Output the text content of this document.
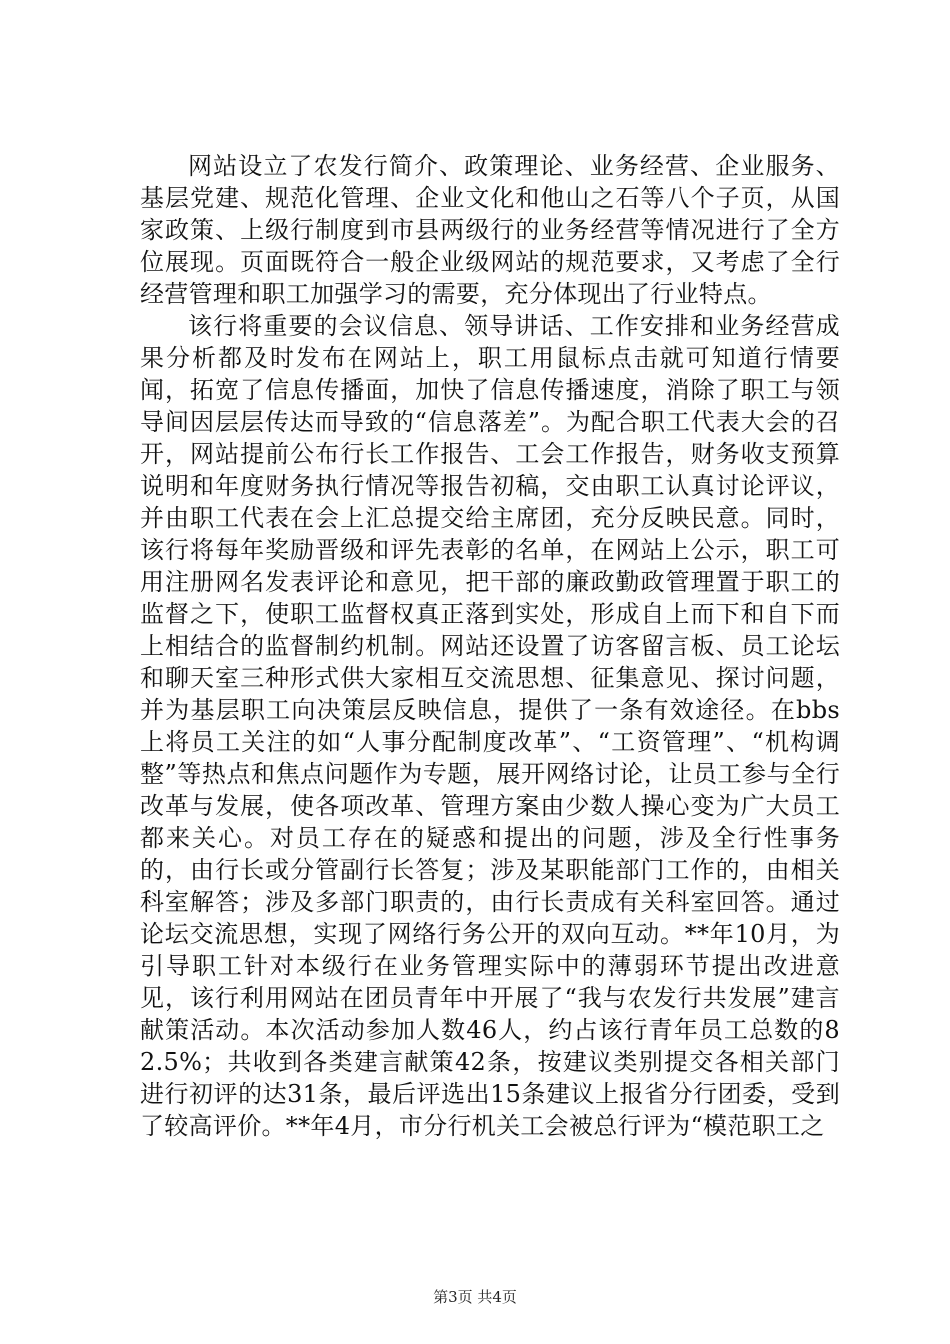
网站设立了农发行简介、政策理论、业务经营、企业服务、基层党建、规范化管理、企业文化和他山之石等八个子页，从国家政策、上级行制度到市县两级行的业务经营等情况进行了全方位展现。页面既符合一般企业级网站的规范要求，又考虑了全行经营管理和职工加强学习的需要，充分体现出了行业特点。

该行将重要的会议信息、领导讲话、工作安排和业务经营成果分析都及时发布在网站上，职工用鼠标点击就可知道行情要闻，拓宽了信息传播面，加快了信息传播速度，消除了职工与领导间因层层传达而导致的“信息落差”。为配合职工代表大会的召开，网站提前公布行长工作报告、工会工作报告，财务收支预算说明和年度财务执行情况等报告初稿，交由职工认真讨论评议，并由职工代表在会上汇总提交给主席团，充分反映民意。同时，该行将每年奖励晋级和评先表彰的名单，在网站上公示，职工可用注册网名发表评论和意见，把干部的廉政勤政管理置于职工的监督之下，使职工监督权真正落到实处，形成自上而下和自下而上相结合的监督制约机制。网站还设置了访客留言板、员工论坛和聊天室三种形式供大家相互交流思想、征集意见、探讨问题，并为基层职工向决策层反映信息，提供了一条有效途径。在bbs上将员工关注的如“人事分配制度改革”、“工资管理”、“机构调整”等热点和焦点问题作为专题，展开网络讨论，让员工参与全行改革与发展，使各项改革、管理方案由少数人操心变为广大员工都来关心。对员工存在的疑惑和提出的问题，涉及全行性事务的，由行长或分管副行长答复；涉及某职能部门工作的，由相关科室解答；涉及多部门职责的，由行长责成有关科室回答。通过论坛交流思想，实现了网络行务公开的双向互动。**年10月，为引导职工针对本级行在业务管理实际中的薄弱环节提出改进意见，该行利用网站在团员青年中开展了“我与农发行共发展”建言献策活动。本次活动参加人数46人，约占该行青年员工总数的82.5%；共收到各类建言献策42条，按建议类别提交各相关部门进行初评的达31条，最后评选出15条建议上报省分行团委，受到了较高评价。**年4月，市分行机关工会被总行评为“模范职工之

第3页 共4页
